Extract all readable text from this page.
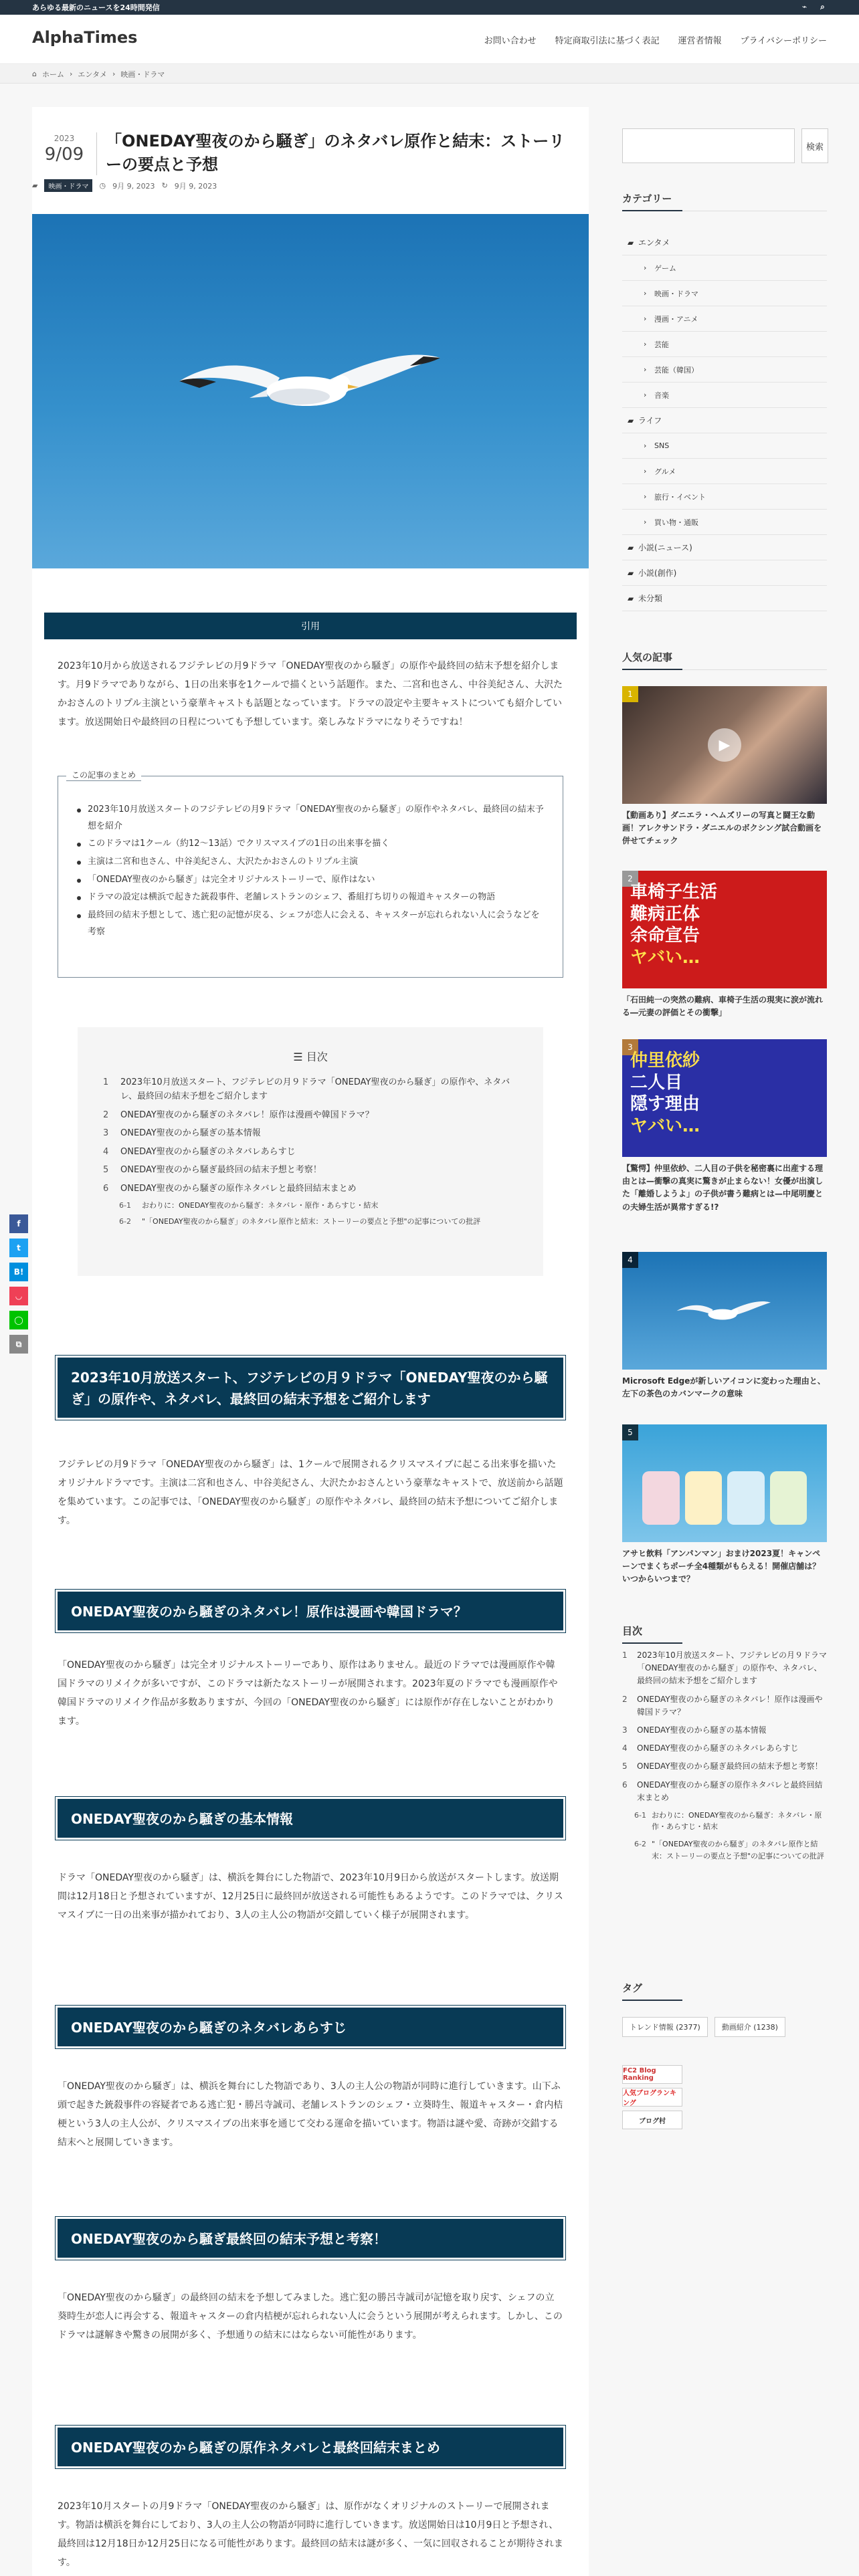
あらゆる最新のニュースを24時間発信	⌁ ⌕
AlphaTimes	お問い合わせ 特定商取引法に基づく表記 運営者情報 プライバシーポリシー
⌂ ホーム › エンタメ › 映画・ドラマ
2023
9/09
「ONEDAY聖夜のから騒ぎ」のネタバレ原作と結末：ストーリーの要点と予想
▰	映画・ドラマ	◷ 9月 9, 2023 ↻ 9月 9, 2023
引用

2023年10月から放送されるフジテレビの月9ドラマ「ONEDAY聖夜のから騒ぎ」の原作や最終回の結末予想を紹介します。月9ドラマでありながら、1日の出来事を1クールで描くという話題作。また、二宮和也さん、中谷美紀さん、大沢たかおさんのトリプル主演という豪華キャストも話題となっています。ドラマの設定や主要キャストについても紹介しています。放送開始日や最終回の日程についても予想しています。楽しみなドラマになりそうですね！

この記事のまとめ
2023年10月放送スタートのフジテレビの月9ドラマ「ONEDAY聖夜のから騒ぎ」の原作やネタバレ、最終回の結末予想を紹介
このドラマは1クール（約12〜13話）でクリスマスイブの1日の出来事を描く
主演は二宮和也さん、中谷美紀さん、大沢たかおさんのトリプル主演
「ONEDAY聖夜のから騒ぎ」は完全オリジナルストーリーで、原作はない
ドラマの設定は横浜で起きた銃殺事件、老舗レストランのシェフ、番組打ち切りの報道キャスターの物語
最終回の結末予想として、逃亡犯の記憶が戻る、シェフが恋人に会える、キャスターが忘れられない人に会うなどを考察
☰ 目次
1	2023年10月放送スタート、フジテレビの月９ドラマ「ONEDAY聖夜のから騒ぎ」の原作や、ネタバレ、最終回の結末予想をご紹介します
2	ONEDAY聖夜のから騒ぎのネタバレ！原作は漫画や韓国ドラマ？
3	ONEDAY聖夜のから騒ぎの基本情報
4	ONEDAY聖夜のから騒ぎのネタバレあらすじ
5	ONEDAY聖夜のから騒ぎ最終回の結末予想と考察！
6	ONEDAY聖夜のから騒ぎの原作ネタバレと最終回結末まとめ
6-1 おわりに：ONEDAY聖夜のから騒ぎ：ネタバレ・原作・あらすじ・結末
6-2 "「ONEDAY聖夜のから騒ぎ」のネタバレ原作と結末：ストーリーの要点と予想"の記事についての批評
2023年10月放送スタート、フジテレビの月９ドラマ「ONEDAY聖夜のから騒ぎ」の原作や、ネタバレ、最終回の結末予想をご紹介します

フジテレビの月9ドラマ「ONEDAY聖夜のから騒ぎ」は、1クールで展開されるクリスマスイブに起こる出来事を描いたオリジナルドラマです。主演は二宮和也さん、中谷美紀さん、大沢たかおさんという豪華なキャストで、放送前から話題を集めています。この記事では、「ONEDAY聖夜のから騒ぎ」の原作やネタバレ、最終回の結末予想についてご紹介します。

ONEDAY聖夜のから騒ぎのネタバレ！原作は漫画や韓国ドラマ？

「ONEDAY聖夜のから騒ぎ」は完全オリジナルストーリーであり、原作はありません。最近のドラマでは漫画原作や韓国ドラマのリメイクが多いですが、このドラマは新たなストーリーが展開されます。2023年夏のドラマでも漫画原作や韓国ドラマのリメイク作品が多数ありますが、今回の「ONEDAY聖夜のから騒ぎ」には原作が存在しないことがわかります。

ONEDAY聖夜のから騒ぎの基本情報

ドラマ「ONEDAY聖夜のから騒ぎ」は、横浜を舞台にした物語で、2023年10月9日から放送がスタートします。放送期間は12月18日と予想されていますが、12月25日に最終回が放送される可能性もあるようです。このドラマでは、クリスマスイブに一日の出来事が描かれており、3人の主人公の物語が交錯していく様子が展開されます。

ONEDAY聖夜のから騒ぎのネタバレあらすじ

「ONEDAY聖夜のから騒ぎ」は、横浜を舞台にした物語であり、3人の主人公の物語が同時に進行していきます。山下ふ頭で起きた銃殺事件の容疑者である逃亡犯・勝呂寺誠司、老舗レストランのシェフ・立葵時生、報道キャスター・倉内桔梗という3人の主人公が、クリスマスイブの出来事を通じて交わる運命を描いています。物語は謎や愛、奇跡が交錯する結末へと展開していきます。

ONEDAY聖夜のから騒ぎ最終回の結末予想と考察！

「ONEDAY聖夜のから騒ぎ」の最終回の結末を予想してみました。逃亡犯の勝呂寺誠司が記憶を取り戻す、シェフの立葵時生が恋人に再会する、報道キャスターの倉内桔梗が忘れられない人に会うという展開が考えられます。しかし、このドラマは謎解きや驚きの展開が多く、予想通りの結末にはならない可能性があります。

ONEDAY聖夜のから騒ぎの原作ネタバレと最終回結末まとめ

2023年10月スタートの月9ドラマ「ONEDAY聖夜のから騒ぎ」は、原作がなくオリジナルのストーリーで展開されます。物語は横浜を舞台にしており、3人の主人公の物語が同時に進行していきます。放送開始日は10月9日と予想され、最終回は12月18日か12月25日になる可能性があります。最終回の結末は謎が多く、一気に回収されることが期待されます。

f
t
B!
◡
◯
⧉
検索
カテゴリー
▰ エンタメ
›	ゲーム
›	映画・ドラマ
›	漫画・アニメ
›	芸能
›	芸能（韓国）
›	音楽
▰ ライフ
›	SNS
›	グルメ
›	旅行・イベント
›	買い物・通販
▰ 小説(ニュース)
▰ 小説(創作)
▰ 未分類
人気の記事
1
▶
【動画あり】ダニエラ・ヘムズリーの写真と闘王な動画！アレクサンドラ・ダニエルのボクシング試合動画を併せてチェック
2
車椅子生活
難病正体
余命宣告
ヤバい…
「石田純一の突然の難病、車椅子生活の現実に涙が流れる―元妻の評価とその衝撃」
3
仲里依紗
二人目
隠す理由
ヤバい…
【驚愕】仲里依紗、二人目の子供を秘密裏に出産する理由とは—衝撃の真実に驚きが止まらない！女優が出演した「離婚しようよ」の子供が書う難病とは—中尾明慶との夫婦生活が異常すぎる!?
4
Microsoft Edgeが新しいアイコンに変わった理由と、左下の茶色のカバンマークの意味
5
アサヒ飲料「アンパンマン」おまけ2023夏！キャンペーンでまくちポーチ全4種類がもらえる！開催店舗は？いつからいつまで？
目次
1 2023年10月放送スタート、フジテレビの月９ドラマ「ONEDAY聖夜のから騒ぎ」の原作や、ネタバレ、最終回の結末予想をご紹介します
2 ONEDAY聖夜のから騒ぎのネタバレ！原作は漫画や韓国ドラマ？
3 ONEDAY聖夜のから騒ぎの基本情報
4 ONEDAY聖夜のから騒ぎのネタバレあらすじ
5 ONEDAY聖夜のから騒ぎ最終回の結末予想と考察！
6 ONEDAY聖夜のから騒ぎの原作ネタバレと最終回結末まとめ
6-1 おわりに：ONEDAY聖夜のから騒ぎ：ネタバレ・原作・あらすじ・結末
6-2 "「ONEDAY聖夜のから騒ぎ」のネタバレ原作と結末：ストーリーの要点と予想"の記事についての批評
タグ
トレンド情報 (2377)	動画紹介 (1238)
FC2 Blog Ranking
人気ブログランキング
ブログ村
